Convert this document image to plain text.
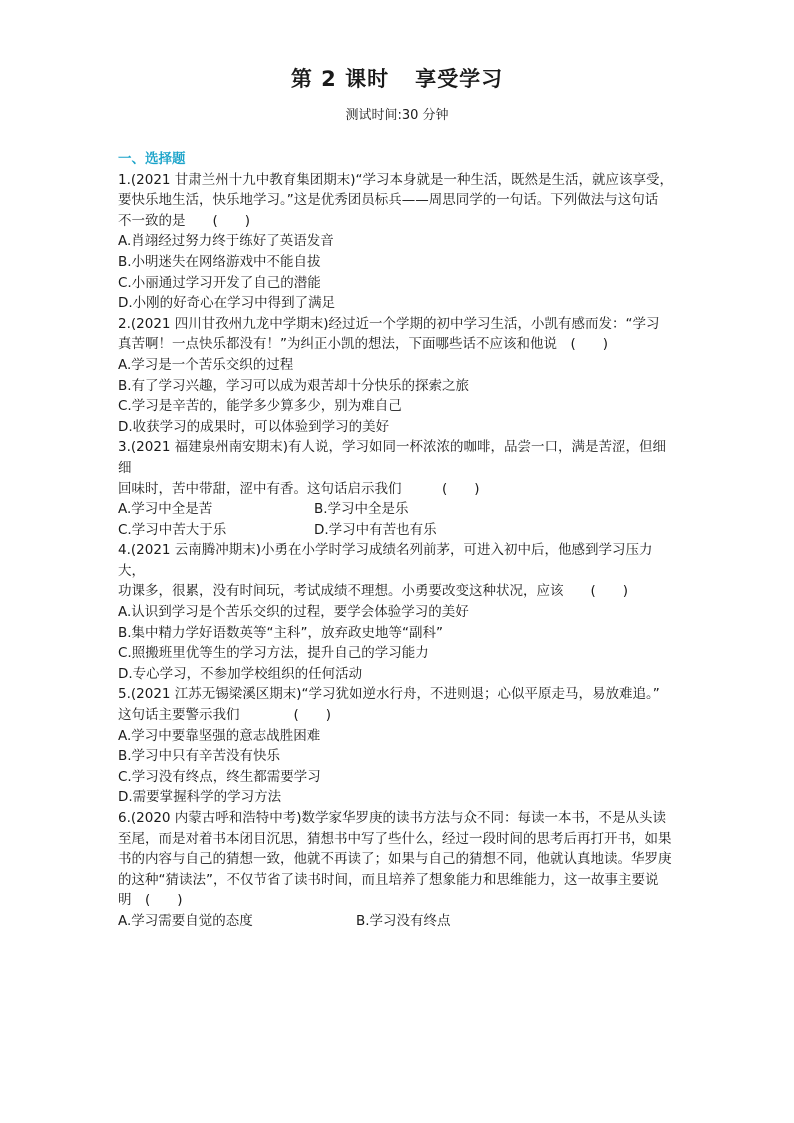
第 2 课时 享受学习
测试时间:30 分钟
一、选择题
1.(2021 甘肃兰州十九中教育集团期末)“学习本身就是一种生活，既然是生活，就应该享受，
要快乐地生活，快乐地学习。”这是优秀团员标兵——周思同学的一句话。下列做法与这句话
不一致的是　　(　　)
A.肖翊经过努力终于练好了英语发音
B.小明迷失在网络游戏中不能自拔
C.小丽通过学习开发了自己的潜能
D.小刚的好奇心在学习中得到了满足
2.(2021 四川甘孜州九龙中学期末)经过近一个学期的初中学习生活，小凯有感而发：“学习
真苦啊！一点快乐都没有！”为纠正小凯的想法，下面哪些话不应该和他说　(　　)
A.学习是一个苦乐交织的过程
B.有了学习兴趣，学习可以成为艰苦却十分快乐的探索之旅
C.学习是辛苦的，能学多少算多少，别为难自己
D.收获学习的成果时，可以体验到学习的美好
3.(2021 福建泉州南安期末)有人说，学习如同一杯浓浓的咖啡，品尝一口，满是苦涩，但细细
回味时，苦中带甜，涩中有香。这句话启示我们　　　(　　)
A.学习中全是苦	B.学习中全是乐
C.学习中苦大于乐	D.学习中有苦也有乐
4.(2021 云南腾冲期末)小勇在小学时学习成绩名列前茅，可进入初中后，他感到学习压力大，
功课多，很累，没有时间玩，考试成绩不理想。小勇要改变这种状况，应该　　(　　)
A.认识到学习是个苦乐交织的过程，要学会体验学习的美好
B.集中精力学好语数英等“主科”，放弃政史地等“副科”
C.照搬班里优等生的学习方法，提升自己的学习能力
D.专心学习，不参加学校组织的任何活动
5.(2021 江苏无锡梁溪区期末)“学习犹如逆水行舟，不进则退；心似平原走马，易放难追。”
这句话主要警示我们　　　　(　　)
A.学习中要靠坚强的意志战胜困难
B.学习中只有辛苦没有快乐
C.学习没有终点，终生都需要学习
D.需要掌握科学的学习方法
6.(2020 内蒙古呼和浩特中考)数学家华罗庚的读书方法与众不同：每读一本书，不是从头读
至尾，而是对着书本闭目沉思，猜想书中写了些什么，经过一段时间的思考后再打开书，如果
书的内容与自己的猜想一致，他就不再读了；如果与自己的猜想不同，他就认真地读。华罗庚
的这种“猜读法”，不仅节省了读书时间，而且培养了想象能力和思维能力，这一故事主要说
明　(　　)
A.学习需要自觉的态度	B.学习没有终点
